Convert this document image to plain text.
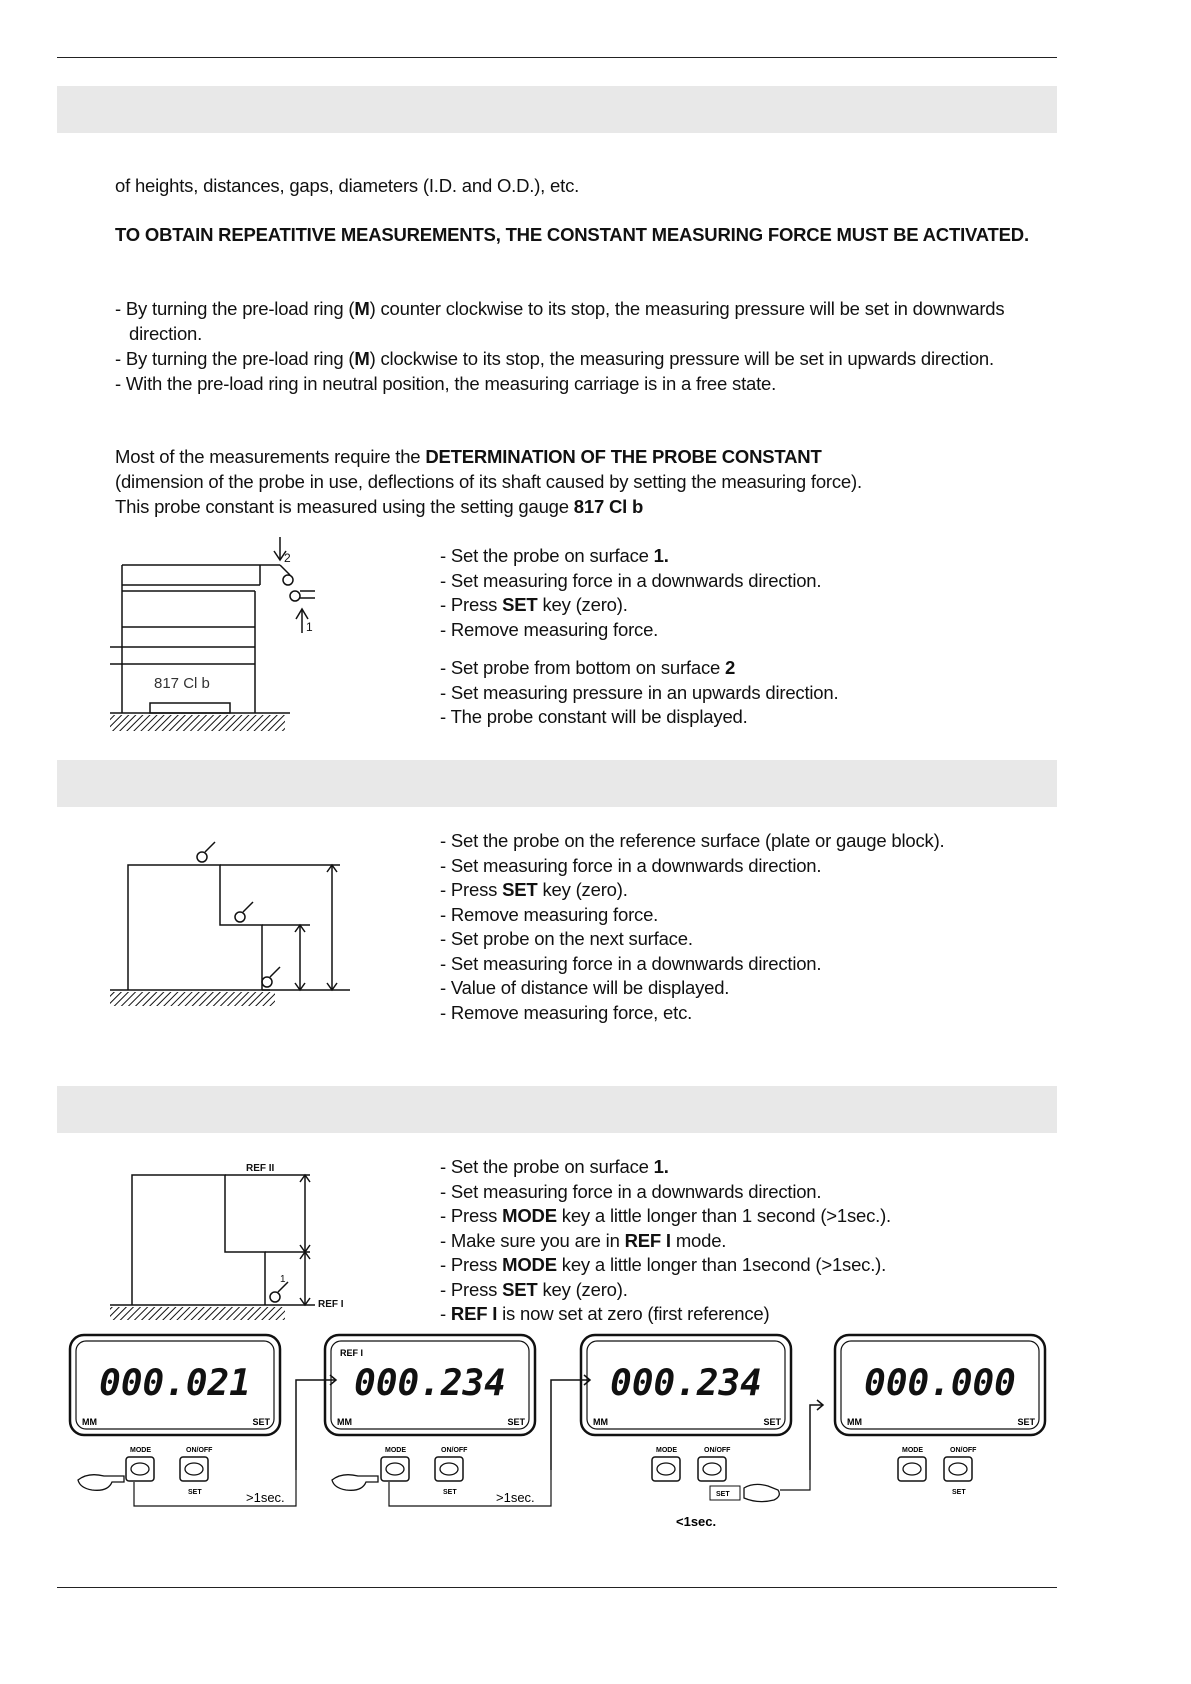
of heights, distances, gaps, diameters (I.D. and O.D.), etc.
TO OBTAIN REPEATITIVE MEASUREMENTS, THE CONSTANT MEASURING FORCE MUST BE ACTIVATED.
- By turning the pre-load ring (M) counter clockwise to its stop, the measuring pressure will be set in downwards direction.
- By turning the pre-load ring (M) clockwise to its stop, the measuring pressure will be set in upwards direction.
- With the pre-load ring in neutral position, the measuring carriage is in a free state.
Most of the measurements require the DETERMINATION OF THE PROBE CONSTANT
(dimension of the probe in use, deflections of its shaft caused by setting the measuring force).
This probe constant is measured using the setting gauge 817 Cl b
2
1
817 Cl b
- Set the probe on surface 1.
- Set measuring force in a downwards direction.
- Press SET key (zero).
- Remove measuring force.
- Set probe from bottom on surface 2
- Set measuring pressure in an upwards direction.
- The probe constant will be displayed.
- Set the probe on the reference surface (plate or gauge block).
- Set measuring force in a downwards direction.
- Press SET key (zero).
- Remove measuring force.
- Set probe on the next surface.
- Set measuring force in a downwards direction.
- Value of distance will be displayed.
- Remove measuring force, etc.
REF II
REF I
1
- Set the probe on surface 1.
- Set measuring force in a downwards direction.
- Press MODE key a little longer than 1 second (>1sec.).
- Make sure you are in REF I mode.
- Press MODE key a little longer than 1second (>1sec.).
- Press SET key (zero).
- REF I is now set at zero (first reference)
000.021
MM	SET
MODE	ON/OFF
SET	>1sec.
REF I
000.234
MM	SET
MODE	ON/OFF
SET	>1sec.
000.234
MM	SET
MODE	ON/OFF
SET
<1sec.
000.000
MM	SET
MODE	ON/OFF
SET
